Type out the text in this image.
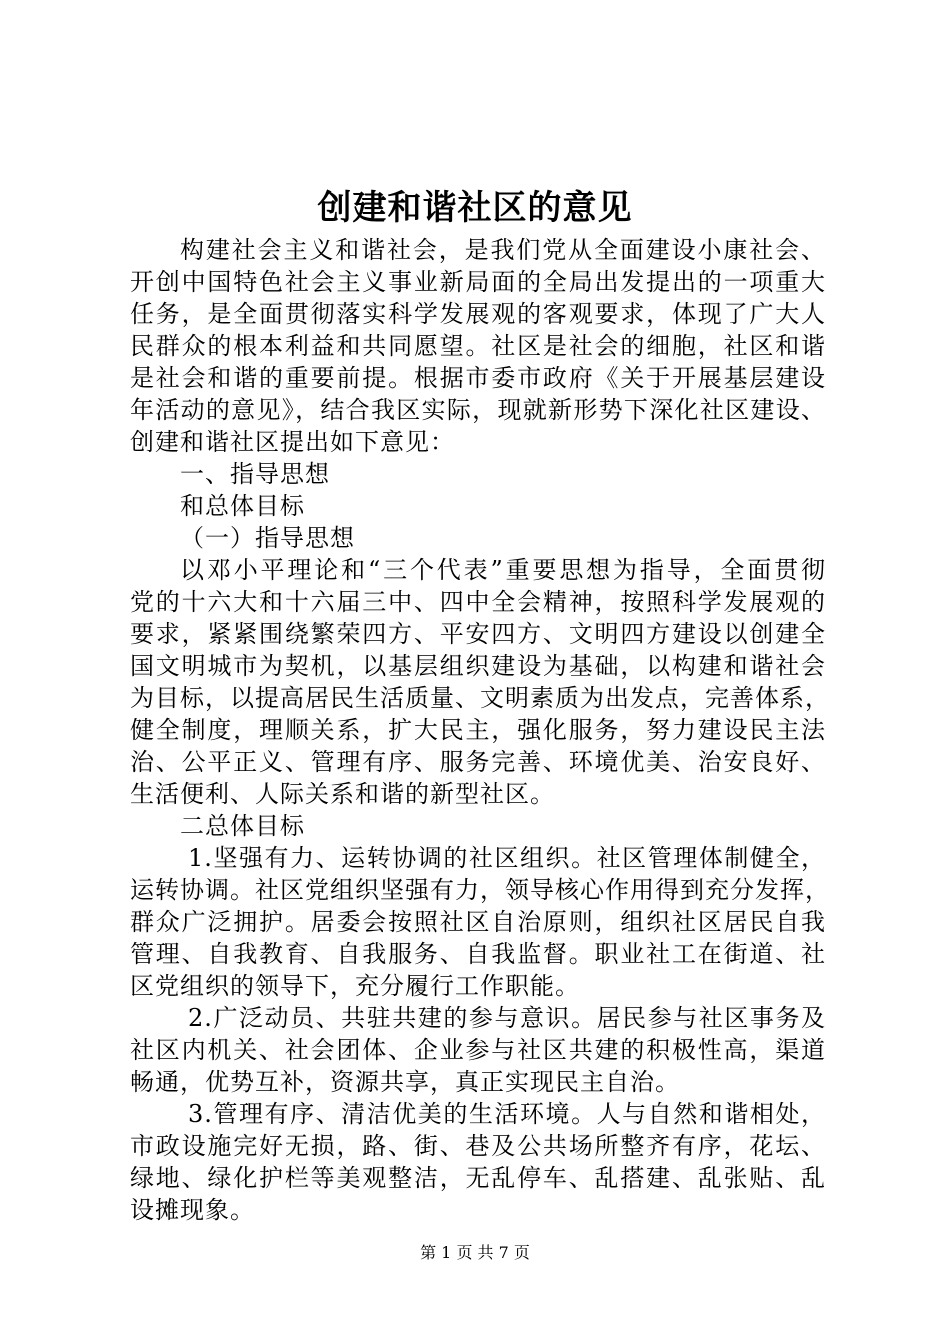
创建和谐社区的意见
构建社会主义和谐社会，是我们党从全面建设小康社会、
开创中国特色社会主义事业新局面的全局出发提出的一项重大
任务，是全面贯彻落实科学发展观的客观要求，体现了广大人
民群众的根本利益和共同愿望。社区是社会的细胞，社区和谐
是社会和谐的重要前提。根据市委市政府《关于开展基层建设
年活动的意见》，结合我区实际，现就新形势下深化社区建设、
创建和谐社区提出如下意见：
一、指导思想
和总体目标
（一）指导思想
以邓小平理论和“三个代表”重要思想为指导，全面贯彻
党的十六大和十六届三中、四中全会精神，按照科学发展观的
要求，紧紧围绕繁荣四方、平安四方、文明四方建设以创建全
国文明城市为契机，以基层组织建设为基础，以构建和谐社会
为目标，以提高居民生活质量、文明素质为出发点，完善体系，
健全制度，理顺关系，扩大民主，强化服务，努力建设民主法
治、公平正义、管理有序、服务完善、环境优美、治安良好、
生活便利、人际关系和谐的新型社区。
二总体目标
1.坚强有力、运转协调的社区组织。社区管理体制健全，
运转协调。社区党组织坚强有力，领导核心作用得到充分发挥，
群众广泛拥护。居委会按照社区自治原则，组织社区居民自我
管理、自我教育、自我服务、自我监督。职业社工在街道、社
区党组织的领导下，充分履行工作职能。
2.广泛动员、共驻共建的参与意识。居民参与社区事务及
社区内机关、社会团体、企业参与社区共建的积极性高，渠道
畅通，优势互补，资源共享，真正实现民主自治。
3.管理有序、清洁优美的生活环境。人与自然和谐相处，
市政设施完好无损，路、街、巷及公共场所整齐有序，花坛、
绿地、绿化护栏等美观整洁，无乱停车、乱搭建、乱张贴、乱
设摊现象。
第 1 页 共 7 页
